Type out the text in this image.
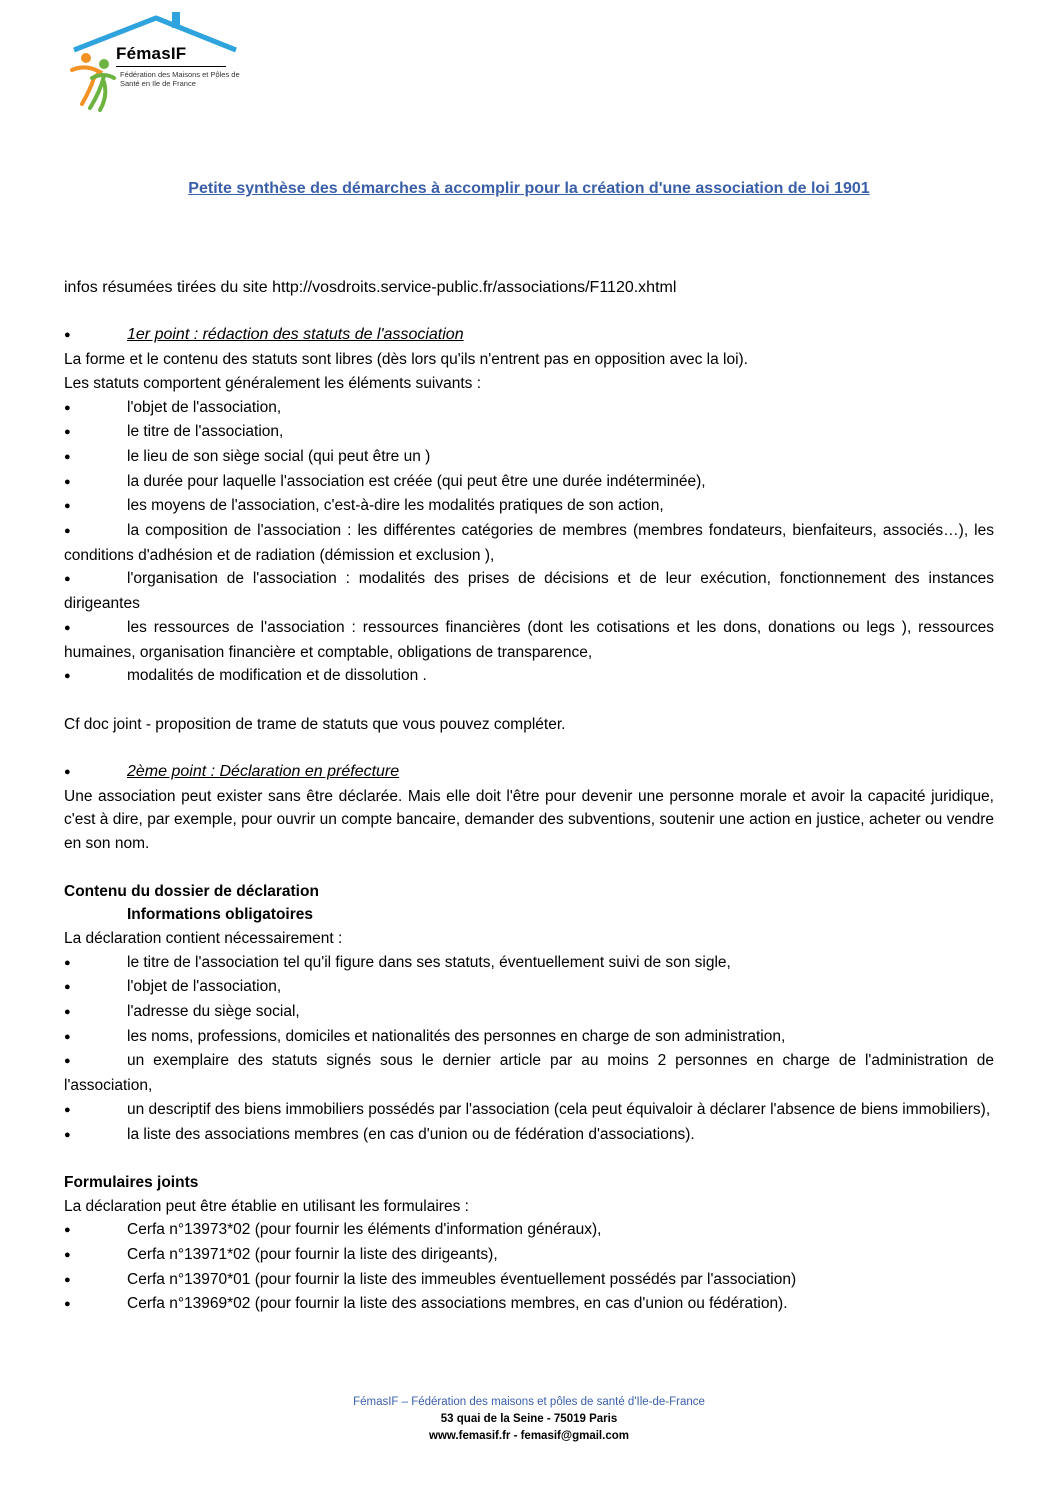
FémasIF
Fédération des Maisons et Pôles de Santé en Ile de France
Petite synthèse des démarches à accomplir pour la création d'une association de loi 1901

infos résumées tirées du site http://vosdroits.service-public.fr/associations/F1120.xhtml

●	1er point : rédaction des statuts de l'association

La forme et le contenu des statuts sont libres (dès lors qu'ils n'entrent pas en opposition avec la loi).

Les statuts comportent généralement les éléments suivants :

●	l'objet de l'association,

●	le titre de l'association,

●	le lieu de son siège social (qui peut être un )

●	la durée pour laquelle l'association est créée (qui peut être une durée indéterminée),

●	les moyens de l'association, c'est-à-dire les modalités pratiques de son action,

●	la composition de l'association : les différentes catégories de membres (membres fondateurs, bienfaiteurs, associés…), les conditions d'adhésion et de radiation (démission et exclusion ),

●	l'organisation de l'association : modalités des prises de décisions et de leur exécution, fonctionnement des instances dirigeantes

●	les ressources de l'association : ressources financières (dont les cotisations et les dons, donations ou legs ), ressources humaines, organisation financière et comptable, obligations de transparence,

●	modalités de modification et de dissolution .

Cf doc joint - proposition de trame de statuts que vous pouvez compléter.

●	2ème point : Déclaration en préfecture

Une association peut exister sans être déclarée. Mais elle doit l'être pour devenir une personne morale et avoir la capacité juridique, c'est à dire, par exemple, pour ouvrir un compte bancaire, demander des subventions, soutenir une action en justice, acheter ou vendre en son nom.

Contenu du dossier de déclaration

Informations obligatoires

La déclaration contient nécessairement :

●	le titre de l'association tel qu'il figure dans ses statuts, éventuellement suivi de son sigle,

●	l'objet de l'association,

●	l'adresse du siège social,

●	les noms, professions, domiciles et nationalités des personnes en charge de son administration,

●	un exemplaire des statuts signés sous le dernier article par au moins 2 personnes en charge de l'administration de l'association,

●	un descriptif des biens immobiliers possédés par l'association (cela peut équivaloir à déclarer l'absence de biens immobiliers),

●	la liste des associations membres (en cas d'union ou de fédération d'associations).

Formulaires joints

La déclaration peut être établie en utilisant les formulaires :

●	Cerfa n°13973*02 (pour fournir les éléments d'information généraux),

●	Cerfa n°13971*02 (pour fournir la liste des dirigeants),

●	Cerfa n°13970*01 (pour fournir la liste des immeubles éventuellement possédés par l'association)

●	Cerfa n°13969*02 (pour fournir la liste des associations membres, en cas d'union ou fédération).

FémasIF – Fédération des maisons et pôles de santé d'Ile-de-France
53 quai de la Seine - 75019 Paris
www.femasif.fr - femasif@gmail.com
